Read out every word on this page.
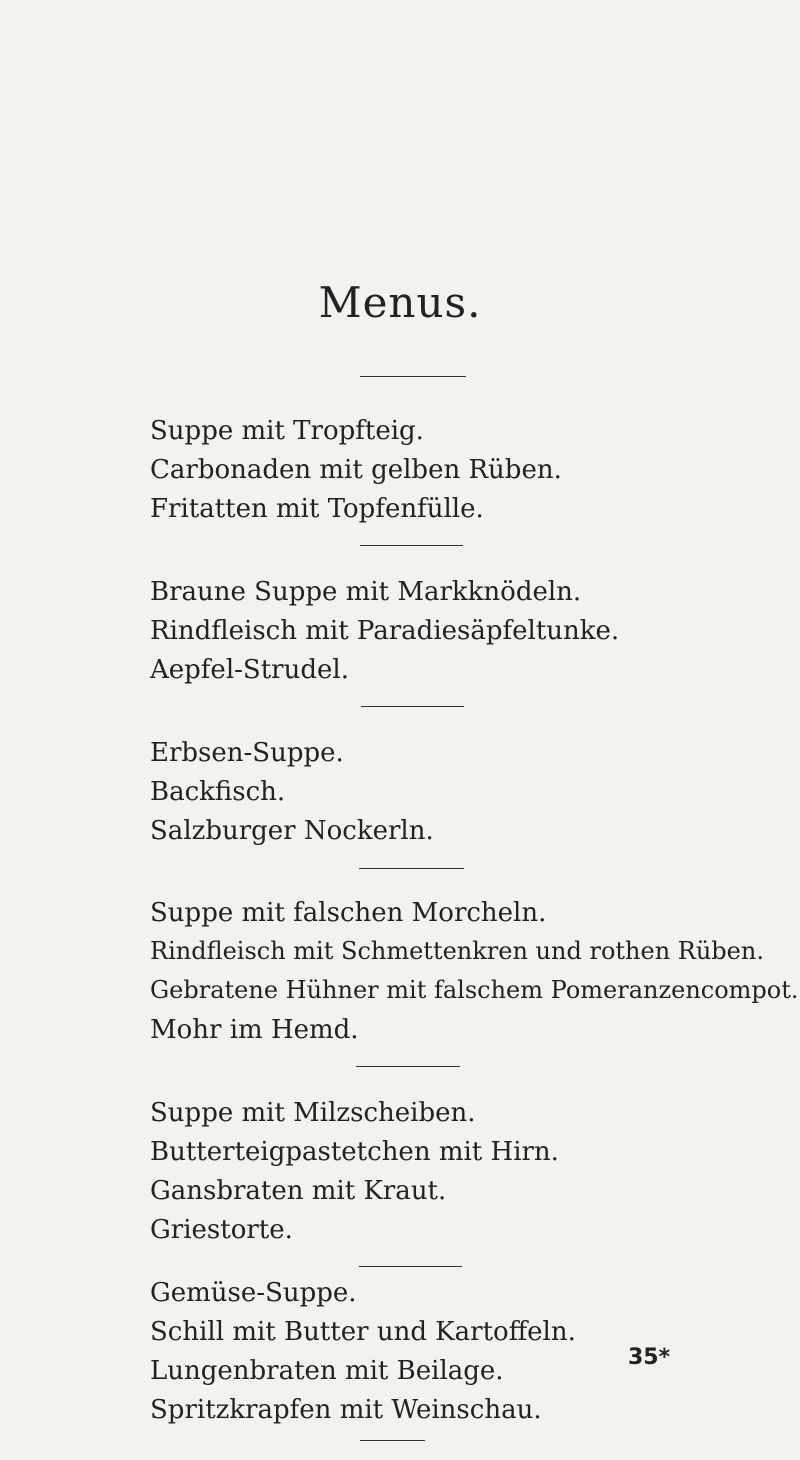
Menus.
Suppe mit Tropfteig.
Carbonaden mit gelben Rüben.
Fritatten mit Topfenfülle.
Braune Suppe mit Markknödeln.
Rindfleisch mit Paradiesäpfeltunke.
Aepfel-Strudel.
Erbsen-Suppe.
Backfisch.
Salzburger Nockerln.
Suppe mit falschen Morcheln.
Rindfleisch mit Schmettenkren und rothen Rüben.
Gebratene Hühner mit falschem Pomeranzencompot.
Mohr im Hemd.
Suppe mit Milzscheiben.
Butterteigpastetchen mit Hirn.
Gansbraten mit Kraut.
Griestorte.
Gemüse-Suppe.
Schill mit Butter und Kartoffeln.
Lungenbraten mit Beilage.
Spritzkrapfen mit Weinschau.
35*
